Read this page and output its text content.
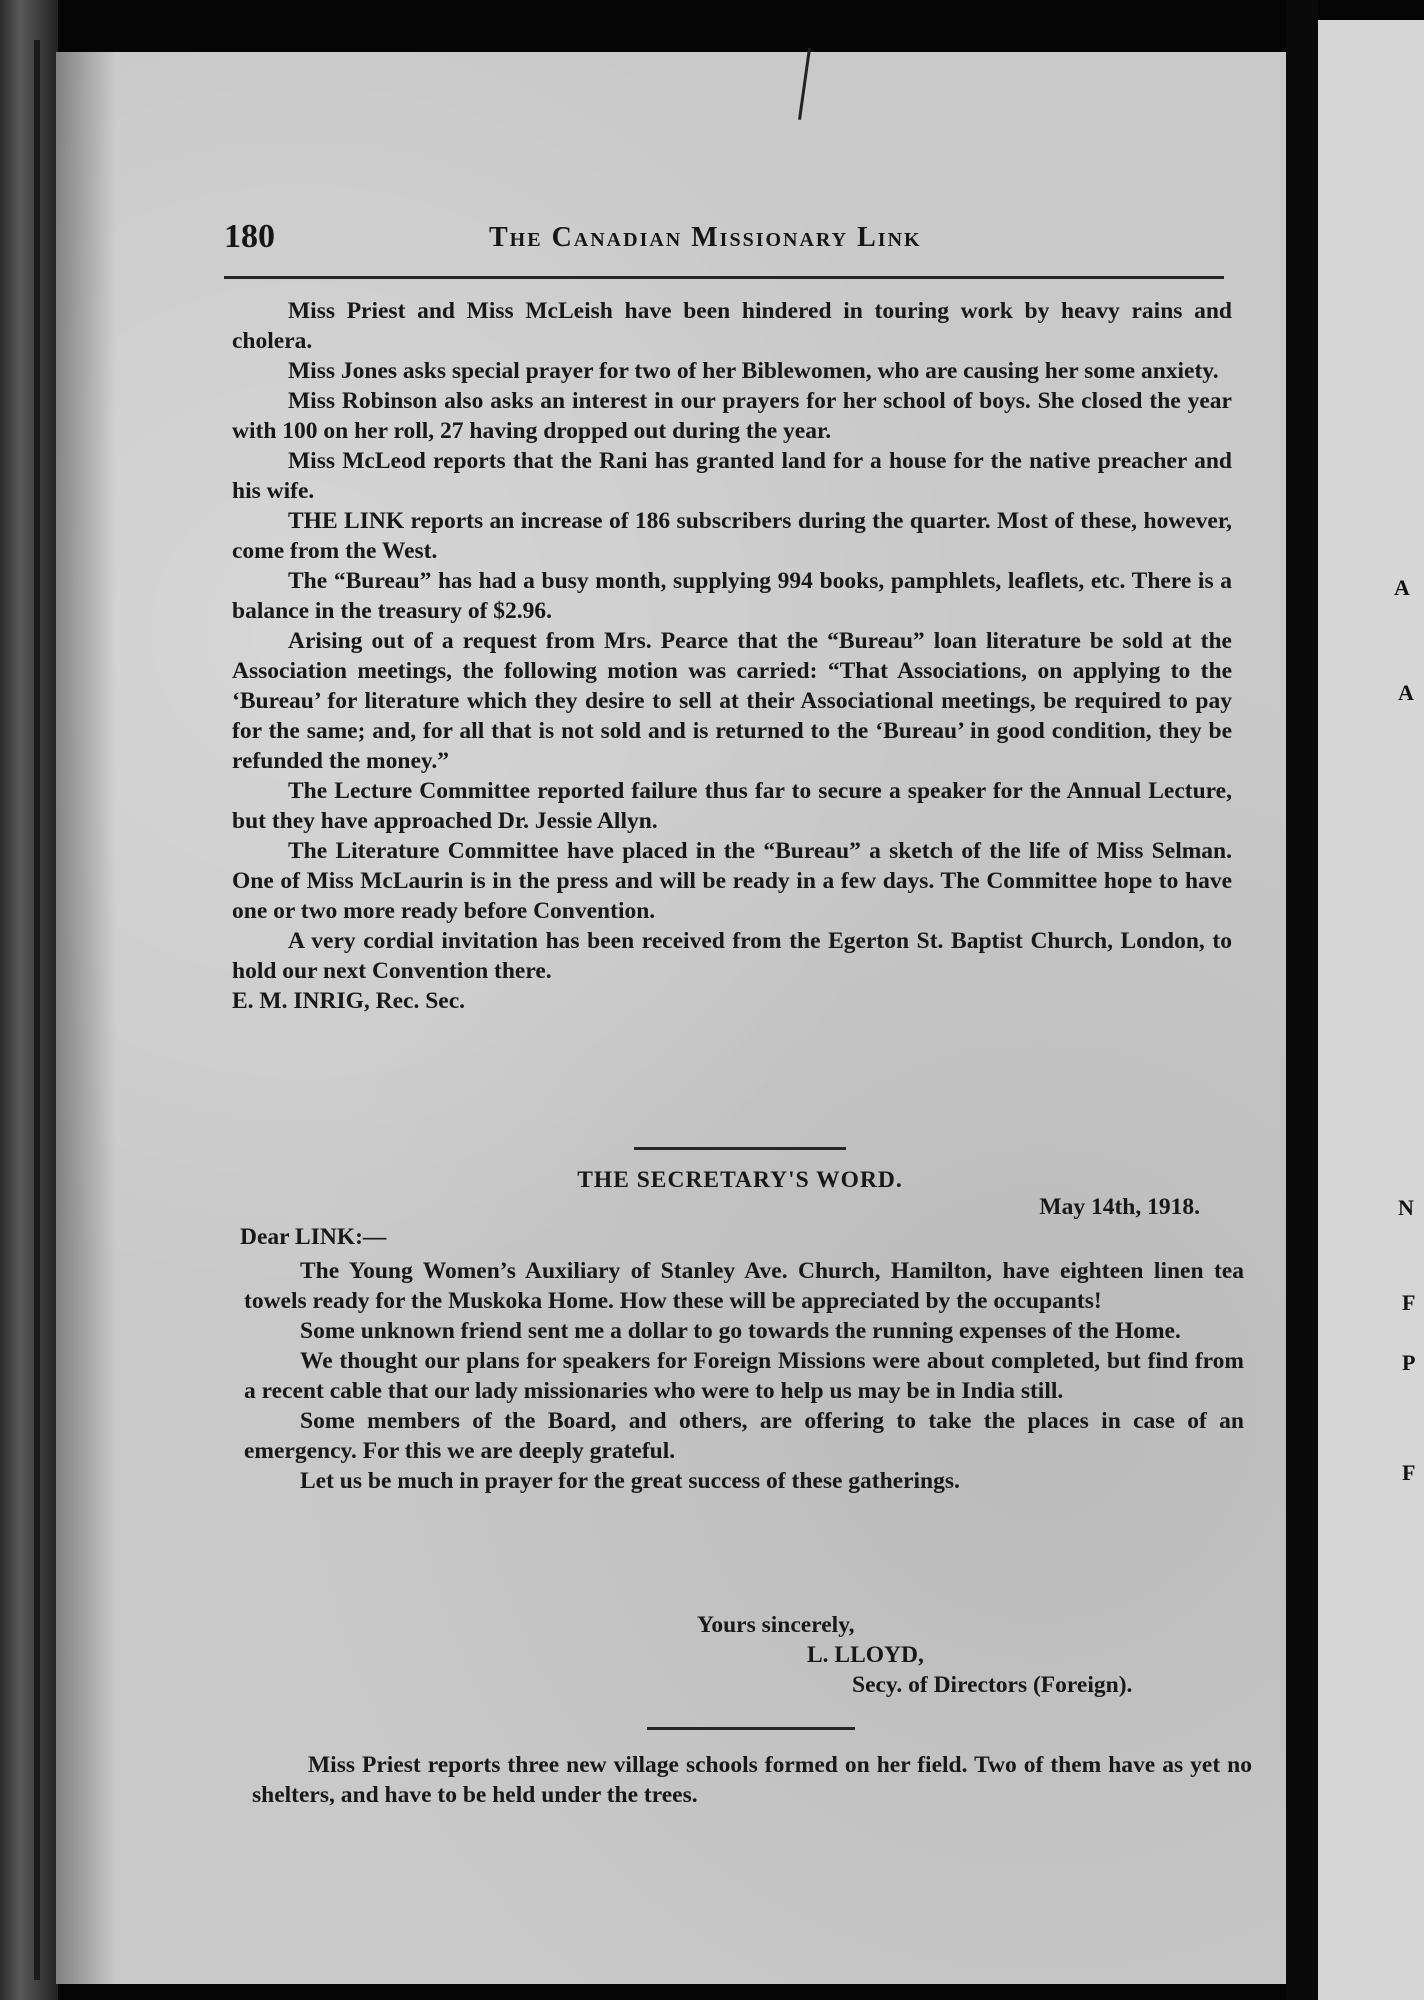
A
A
N
F
P
F
180	The Canadian Missionary Link

Miss Priest and Miss McLeish have been hindered in touring work by heavy rains and cholera.

Miss Jones asks special prayer for two of her Biblewomen, who are causing her some anxiety.

Miss Robinson also asks an interest in our prayers for her school of boys. She closed the year with 100 on her roll, 27 having dropped out during the year.

Miss McLeod reports that the Rani has granted land for a house for the native preacher and his wife.

THE LINK reports an increase of 186 subscribers during the quarter. Most of these, however, come from the West.

The “Bureau” has had a busy month, supplying 994 books, pamphlets, leaflets, etc. There is a balance in the treasury of $2.96.

Arising out of a request from Mrs. Pearce that the “Bureau” loan literature be sold at the Association meetings, the following motion was carried: “That Associations, on applying to the ‘Bureau’ for literature which they desire to sell at their Associational meetings, be required to pay for the same; and, for all that is not sold and is returned to the ‘Bureau’ in good condition, they be refunded the money.”

The Lecture Committee reported failure thus far to secure a speaker for the Annual Lecture, but they have approached Dr. Jessie Allyn.

The Literature Committee have placed in the “Bureau” a sketch of the life of Miss Selman. One of Miss McLaurin is in the press and will be ready in a few days. The Committee hope to have one or two more ready before Convention.

A very cordial invitation has been received from the Egerton St. Baptist Church, London, to hold our next Convention there.

E. M. INRIG, Rec. Sec.

THE SECRETARY'S WORD.
May 14th, 1918.
Dear LINK:—

The Young Women’s Auxiliary of Stanley Ave. Church, Hamilton, have eighteen linen tea towels ready for the Muskoka Home. How these will be appreciated by the occupants!

Some unknown friend sent me a dollar to go towards the running expenses of the Home.

We thought our plans for speakers for Foreign Missions were about completed, but find from a recent cable that our lady missionaries who were to help us may be in India still.

Some members of the Board, and others, are offering to take the places in case of an emergency. For this we are deeply grateful.

Let us be much in prayer for the great success of these gatherings.

Yours sincerely,
L. LLOYD,
Secy. of Directors (Foreign).

Miss Priest reports three new village schools formed on her field. Two of them have as yet no shelters, and have to be held under the trees.
